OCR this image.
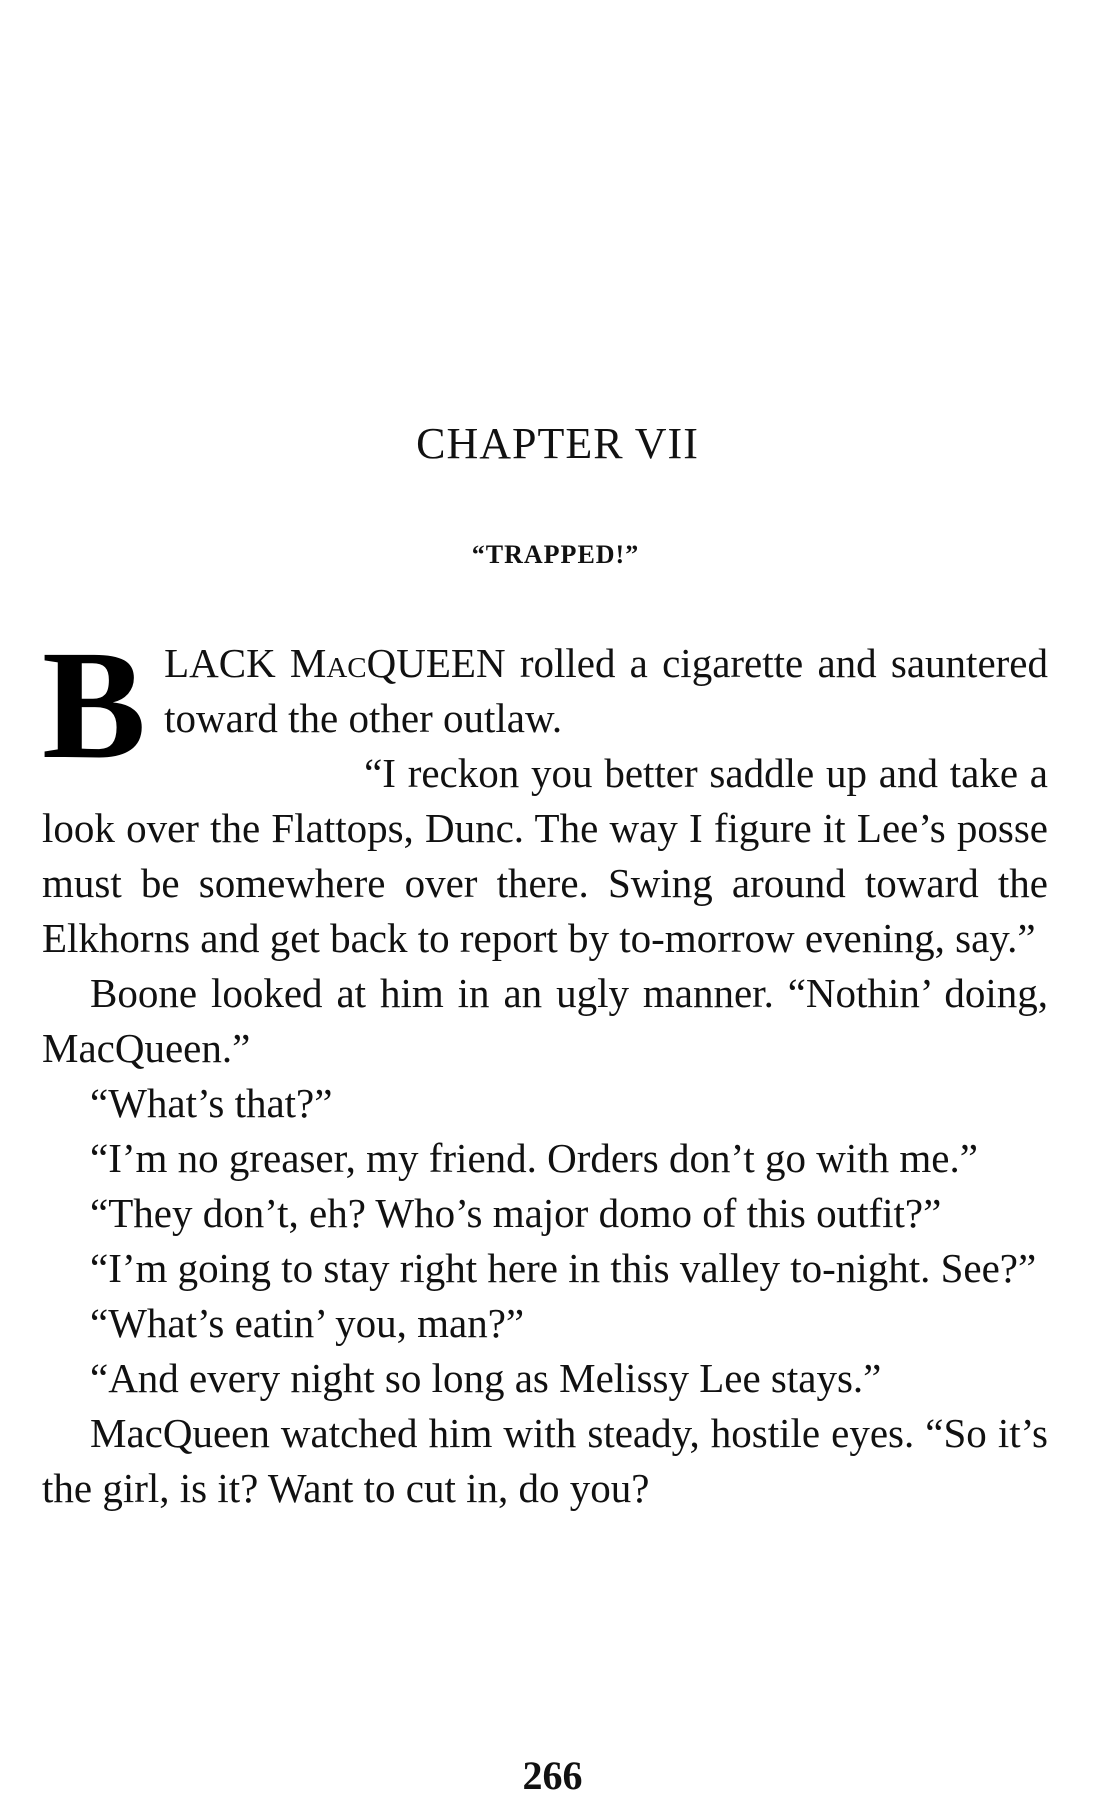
CHAPTER VII
“TRAPPED!”

BLACK MacQUEEN rolled a cigarette and sauntered toward the other outlaw.

“I reckon you better saddle up and take a look over the Flattops, Dunc. The way I figure it Lee’s posse must be somewhere over there. Swing around toward the Elkhorns and get back to report by to-morrow evening, say.”

Boone looked at him in an ugly manner. “Nothin’ doing, MacQueen.”

“What’s that?”

“I’m no greaser, my friend. Orders don’t go with me.”

“They don’t, eh? Who’s major domo of this outfit?”

“I’m going to stay right here in this valley to-night. See?”

“What’s eatin’ you, man?”

“And every night so long as Melissy Lee stays.”

MacQueen watched him with steady, hostile eyes. “So it’s the girl, is it? Want to cut in, do you?

266
